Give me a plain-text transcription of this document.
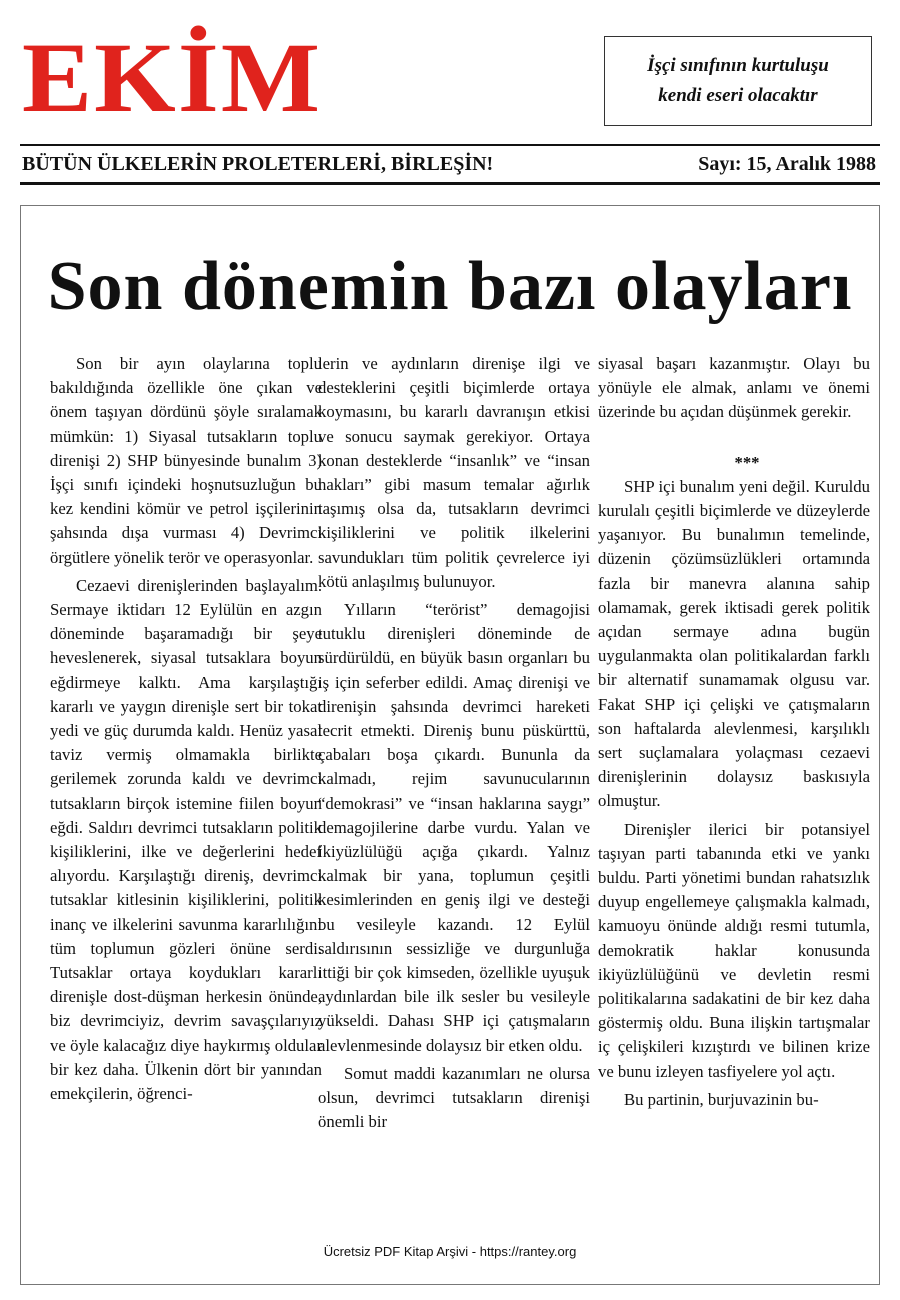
EKİM	İşçi sınıfının kurtuluşu
kendi eseri olacaktır
BÜTÜN ÜLKELERİN PROLETERLERİ, BİRLEŞİN!	Sayı: 15, Aralık 1988
Son dönemin bazı olayları

Son bir ayın olaylarına toplu bakıldığında özellikle öne çıkan ve önem taşıyan dördünü şöyle sıralamak mümkün: 1) Siyasal tutsakların toplu direnişi 2) SHP bünyesinde bunalım 3) İşçi sınıfı içindeki hoşnutsuzluğun bu kez kendini kömür ve petrol işçilerinin şahsında dışa vurması 4) Devrimci örgütlere yönelik terör ve operasyonlar.

Cezaevi direnişlerinden başlayalım. Sermaye iktidarı 12 Eylülün en azgın döneminde başaramadığı bir şeye heveslenerek, siyasal tutsaklara boyun eğdirmeye kalktı. Ama karşılaştığı kararlı ve yaygın direnişle sert bir tokat yedi ve güç durumda kaldı. Henüz yasal taviz vermiş olmamakla birlikte gerilemek zorunda kaldı ve devrimci tutsakların birçok istemine fiilen boyun eğdi. Saldırı devrimci tutsakların politik kişiliklerini, ilke ve değerlerini hedef alıyordu. Karşılaştığı direniş, devrimci tutsaklar kitlesinin kişiliklerini, politik inanç ve ilkelerini savunma kararlılığını tüm toplumun gözleri önüne serdi. Tutsaklar ortaya koydukları kararlı direnişle dost-düşman herkesin önünde, biz devrimciyiz, devrim savaşçılarıyız ve öyle kalacağız diye haykırmış oldular bir kez daha. Ülkenin dört bir yanından emekçilerin, öğrenci-

lerin ve aydınların direnişe ilgi ve desteklerini çeşitli biçimlerde ortaya koymasını, bu kararlı davranışın etkisi ve sonucu saymak gerekiyor. Ortaya konan desteklerde “insanlık” ve “insan hakları” gibi masum temalar ağırlık taşımış olsa da, tutsakların devrimci kişiliklerini ve politik ilkelerini savundukları tüm politik çevrelerce iyi kötü anlaşılmış bulunuyor.

Yılların “terörist” demagojisi tutuklu direnişleri döneminde de sürdürüldü, en büyük basın organları bu iş için seferber edildi. Amaç direnişi ve direnişin şahsında devrimci hareketi tecrit etmekti. Direniş bunu püskürttü, çabaları boşa çıkardı. Bununla da kalmadı, rejim savunucularının “demokrasi” ve “insan haklarına saygı” demagojilerine darbe vurdu. Yalan ve ikiyüzlülüğü açığa çıkardı. Yalnız kalmak bir yana, toplumun çeşitli kesimlerinden en geniş ilgi ve desteği bu vesileyle kazandı. 12 Eylül saldırısının sessizliğe ve durgunluğa ittiği bir çok kimseden, özellikle uyuşuk aydınlardan bile ilk sesler bu vesileyle yükseldi. Dahası SHP içi çatışmaların alevlenmesinde dolaysız bir etken oldu.

Somut maddi kazanımları ne olursa olsun, devrimci tutsakların direnişi önemli bir

siyasal başarı kazanmıştır. Olayı bu yönüyle ele almak, anlamı ve önemi üzerinde bu açıdan düşünmek gerekir.

***

SHP içi bunalım yeni değil. Kuruldu kurulalı çeşitli biçimlerde ve düzeylerde yaşanıyor. Bu bunalımın temelinde, düzenin çözümsüzlükleri ortamında fazla bir manevra alanına sahip olamamak, gerek iktisadi gerek politik açıdan sermaye adına bugün uygulanmakta olan politikalardan farklı bir alternatif sunamamak olgusu var. Fakat SHP içi çelişki ve çatışmaların son haftalarda alevlenmesi, karşılıklı sert suçlamalara yolaçması cezaevi direnişlerinin dolaysız baskısıyla olmuştur.

Direnişler ilerici bir potansiyel taşıyan parti tabanında etki ve yankı buldu. Parti yönetimi bundan rahatsızlık duyup engellemeye çalışmakla kalmadı, kamuoyu önünde aldığı resmi tutumla, demokratik haklar konusunda ikiyüzlülüğünü ve devletin resmi politikalarına sadakatini de bir kez daha göstermiş oldu. Buna ilişkin tartışmalar iç çelişkileri kızıştırdı ve bilinen krize ve bunu izleyen tasfiyelere yol açtı.

Bu partinin, burjuvazinin bu-

Ücretsiz PDF Kitap Arşivi - https://rantey.org
